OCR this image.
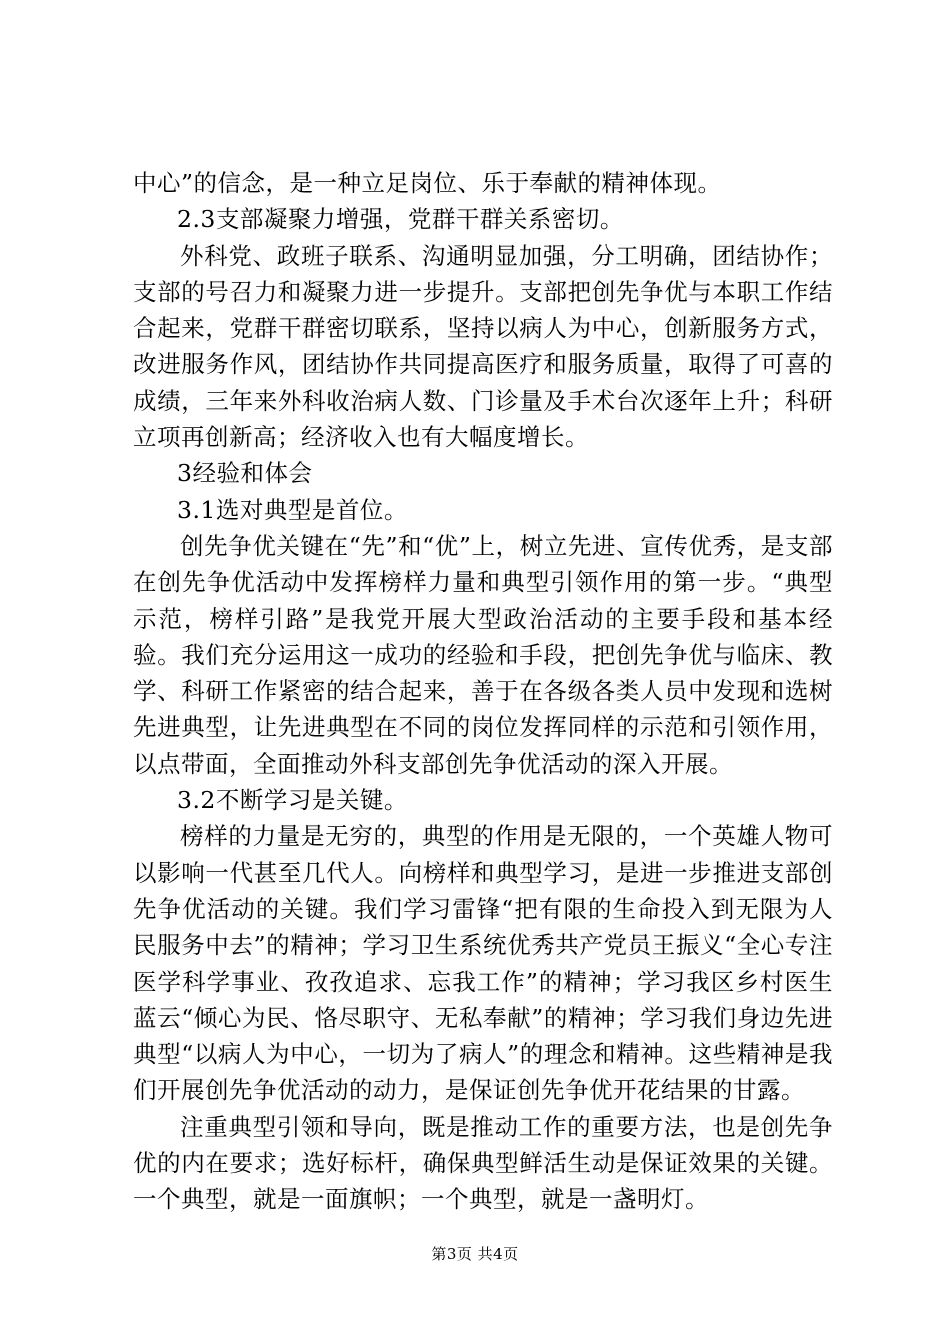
中心”的信念，是一种立足岗位、乐于奉献的精神体现。

2.3支部凝聚力增强，党群干群关系密切。

外科党、政班子联系、沟通明显加强，分工明确，团结协作；支部的号召力和凝聚力进一步提升。支部把创先争优与本职工作结合起来，党群干群密切联系，坚持以病人为中心，创新服务方式，改进服务作风，团结协作共同提高医疗和服务质量，取得了可喜的成绩，三年来外科收治病人数、门诊量及手术台次逐年上升；科研立项再创新高；经济收入也有大幅度增长。

3经验和体会

3.1选对典型是首位。

创先争优关键在“先”和“优”上，树立先进、宣传优秀，是支部在创先争优活动中发挥榜样力量和典型引领作用的第一步。“典型示范，榜样引路”是我党开展大型政治活动的主要手段和基本经验。我们充分运用这一成功的经验和手段，把创先争优与临床、教学、科研工作紧密的结合起来，善于在各级各类人员中发现和选树先进典型，让先进典型在不同的岗位发挥同样的示范和引领作用，以点带面，全面推动外科支部创先争优活动的深入开展。

3.2不断学习是关键。

榜样的力量是无穷的，典型的作用是无限的，一个英雄人物可以影响一代甚至几代人。向榜样和典型学习，是进一步推进支部创先争优活动的关键。我们学习雷锋“把有限的生命投入到无限为人民服务中去”的精神；学习卫生系统优秀共产党员王振义“全心专注医学科学事业、孜孜追求、忘我工作”的精神；学习我区乡村医生蓝云“倾心为民、恪尽职守、无私奉献”的精神；学习我们身边先进典型“以病人为中心，一切为了病人”的理念和精神。这些精神是我们开展创先争优活动的动力，是保证创先争优开花结果的甘露。

注重典型引领和导向，既是推动工作的重要方法，也是创先争优的内在要求；选好标杆，确保典型鲜活生动是保证效果的关键。一个典型，就是一面旗帜；一个典型，就是一盏明灯。

第3页 共4页
